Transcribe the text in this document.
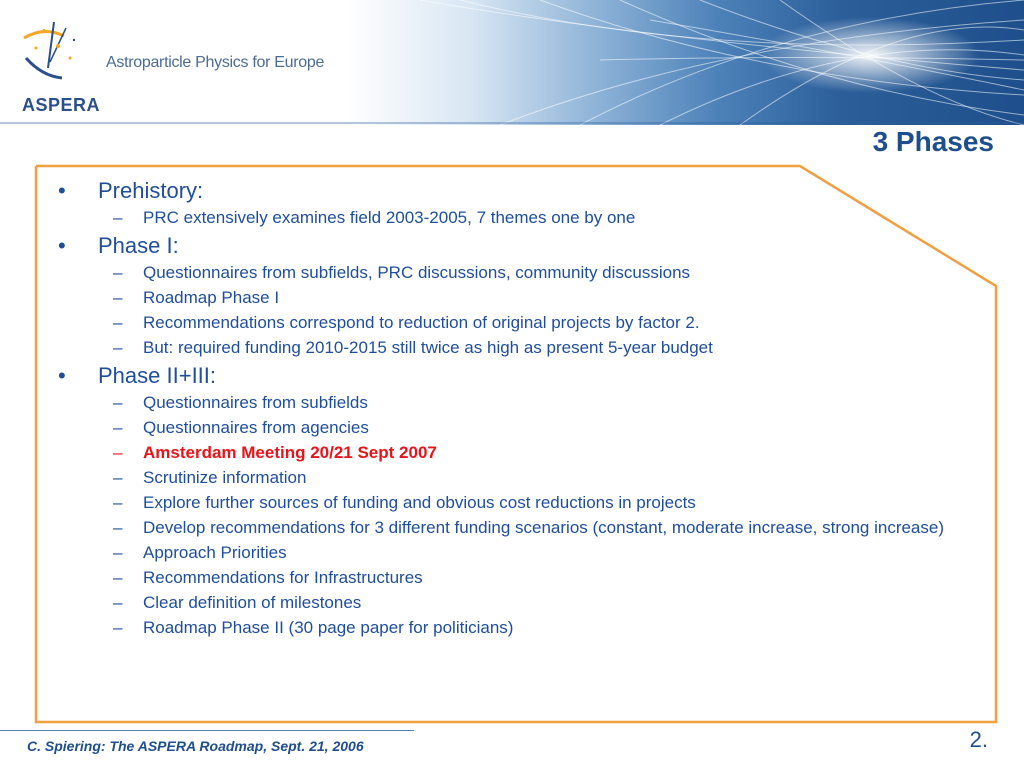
ASPERA
Astroparticle Physics for Europe
3 Phases
• Prehistory:
– PRC extensively examines field 2003-2005, 7 themes one by one
• Phase I:
– Questionnaires from subfields, PRC discussions, community discussions
– Roadmap Phase I
– Recommendations correspond to reduction of original projects by factor 2.
– But: required funding 2010-2015 still twice as high as present 5-year budget
• Phase II+III:
– Questionnaires from subfields
– Questionnaires from agencies
– Amsterdam Meeting 20/21 Sept 2007
– Scrutinize information
– Explore further sources of funding and obvious cost reductions in projects
– Develop recommendations for 3 different funding scenarios (constant, moderate increase, strong increase)
– Approach Priorities
– Recommendations for Infrastructures
– Clear definition of milestones
– Roadmap Phase II (30 page paper for politicians)
C. Spiering: The ASPERA Roadmap, Sept. 21, 2006	2.
